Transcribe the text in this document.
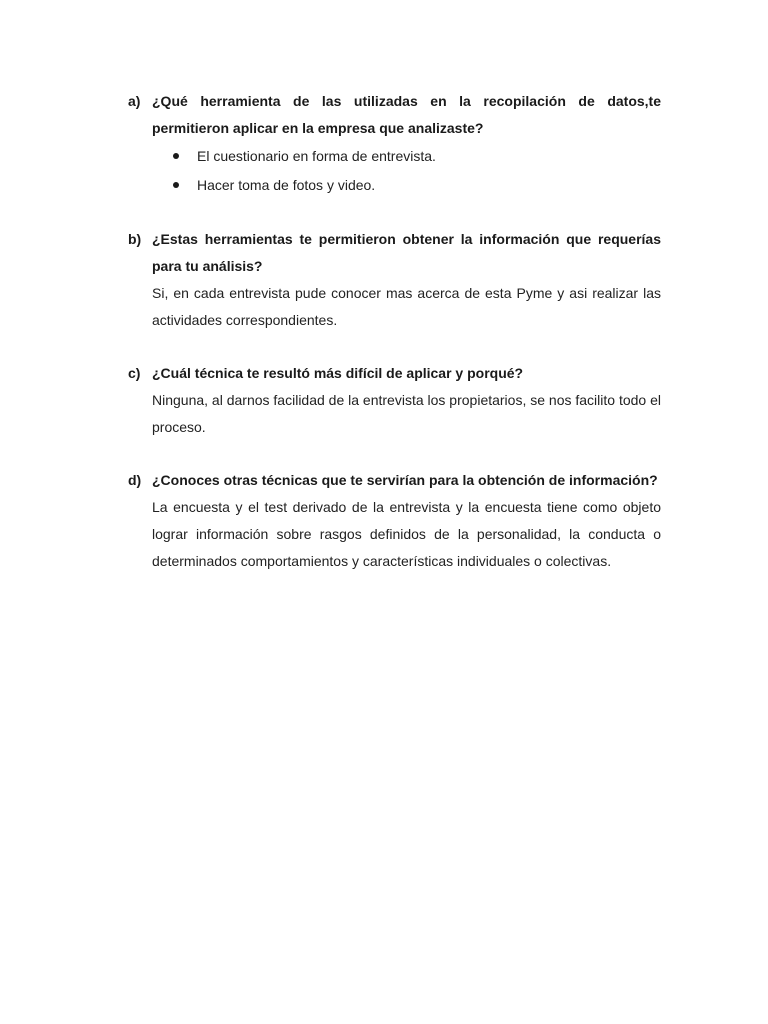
a) ¿Qué herramienta de las utilizadas en la recopilación de datos,te permitieron aplicar en la empresa que analizaste?

El cuestionario en forma de entrevista.
Hacer toma de fotos y video.
b) ¿Estas herramientas te permitieron obtener la información que requerías para tu análisis?

Si, en cada entrevista pude conocer mas acerca de esta Pyme y asi realizar las actividades correspondientes.

c) ¿Cuál técnica te resultó más difícil de aplicar y porqué?

Ninguna, al darnos facilidad de la entrevista los propietarios, se nos facilito todo el proceso.

d) ¿Conoces otras técnicas que te servirían para la obtención de información?

La encuesta y el test derivado de la entrevista y la encuesta tiene como objeto lograr información sobre rasgos definidos de la personalidad, la conducta o determinados comportamientos y características individuales o colectivas.
